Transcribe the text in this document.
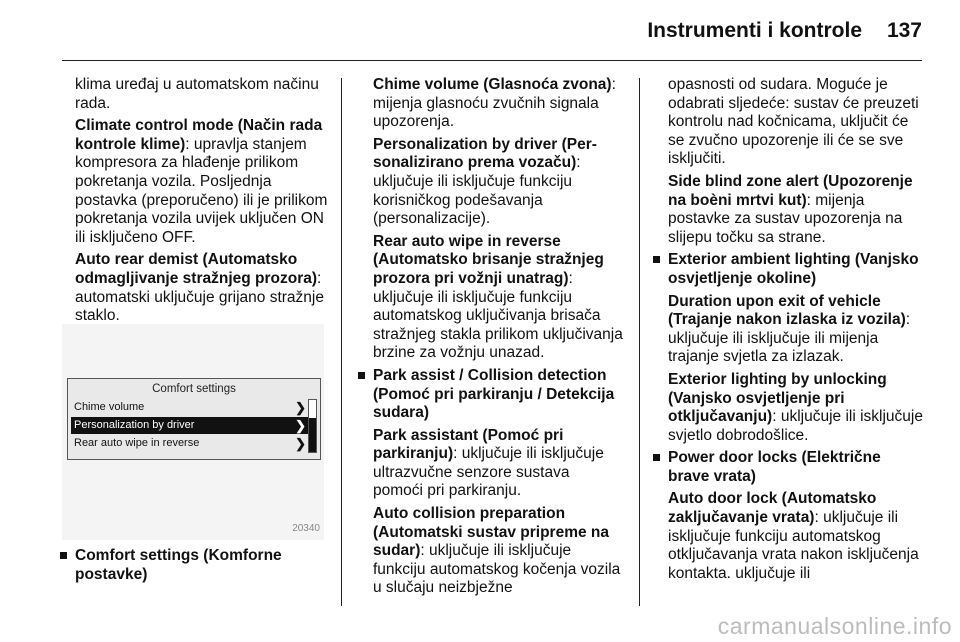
Instrumenti i kontrole 137

klima uređaj u automatskom načinu rada.

Climate control mode (Način rada kontrole klime): upravlja stanjem kompresora za hlađenje prilikom pokretanja vozila. Posljednja postavka (preporučeno) ili je prilikom pokretanja vozila uvijek uključen ON ili isključeno OFF.

Auto rear demist (Automatsko odmagljivanje stražnjeg prozora): automatski uključuje grijano stražnje staklo.

Comfort settings
Chime volume	❯
Personalization by driver	❯
Rear auto wipe in reverse	❯
20340

Comfort settings (Komforne postavke)

Chime volume (Glasnoća zvona): mijenja glasnoću zvučnih signala upozorenja.

Personalization by driver (Per-sonalizirano prema vozaču): uključuje ili isključuje funkciju korisničkog podešavanja (personalizacije).

Rear auto wipe in reverse (Automatsko brisanje stražnjeg prozora pri vožnji unatrag): uključuje ili isključuje funkciju automatskog uključivanja brisača stražnjeg stakla prilikom uključivanja brzine za vožnju unazad.

Park assist / Collision detection (Pomoć pri parkiranju / Detekcija sudara)

Park assistant (Pomoć pri parkiranju): uključuje ili isključuje ultrazvučne senzore sustava pomoći pri parkiranju.

Auto collision preparation (Automatski sustav pripreme na sudar): uključuje ili isključuje funkciju automatskog kočenja vozila u slučaju neizbježne

opasnosti od sudara. Moguće je odabrati sljedeće: sustav će preuzeti kontrolu nad kočnicama, uključit će se zvučno upozorenje ili će se sve isključiti.

Side blind zone alert (Upozorenje na boèni mrtvi kut): mijenja postavke za sustav upozorenja na slijepu točku sa strane.

Exterior ambient lighting (Vanjsko osvjetljenje okoline)

Duration upon exit of vehicle (Trajanje nakon izlaska iz vozila): uključuje ili isključuje ili mijenja trajanje svjetla za izlazak.

Exterior lighting by unlocking (Vanjsko osvjetljenje pri otključavanju): uključuje ili isključuje svjetlo dobrodošlice.

Power door locks (Električne brave vrata)

Auto door lock (Automatsko zaključavanje vrata): uključuje ili isključuje funkciju automatskog otključavanja vrata nakon isključenja kontakta. uključuje ili

carmanualsonline.info
